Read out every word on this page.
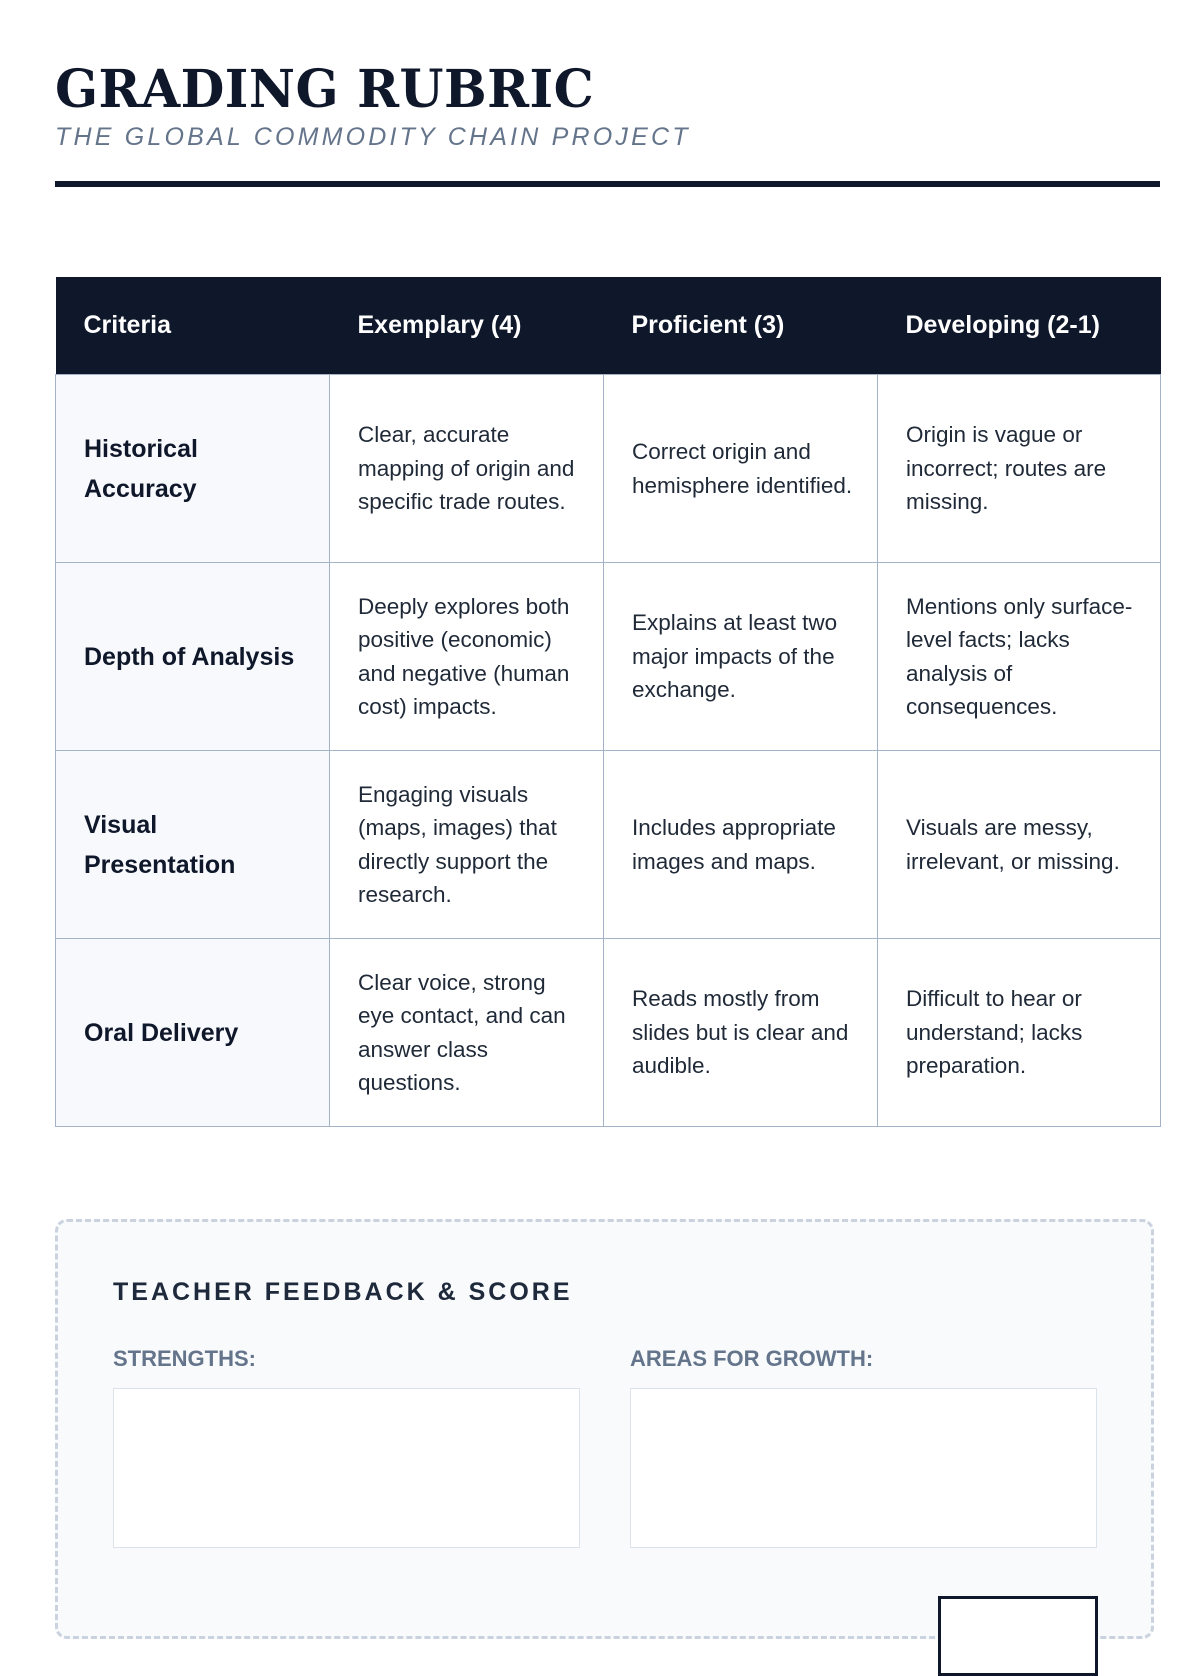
GRADING RUBRIC
THE GLOBAL COMMODITY CHAIN PROJECT
Criteria	Exemplary (4)	Proficient (3)	Developing (2-1)
Historical Accuracy	Clear, accurate mapping of origin and specific trade routes.	Correct origin and hemisphere identified.	Origin is vague or incorrect; routes are missing.
Depth of Analysis	Deeply explores both positive (economic) and negative (human cost) impacts.	Explains at least two major impacts of the exchange.	Mentions only surface-level facts; lacks analysis of consequences.
Visual Presentation	Engaging visuals (maps, images) that directly support the research.	Includes appropriate images and maps.	Visuals are messy, irrelevant, or missing.
Oral Delivery	Clear voice, strong eye contact, and can answer class questions.	Reads mostly from slides but is clear and audible.	Difficult to hear or understand; lacks preparation.
TEACHER FEEDBACK & SCORE
STRENGTHS:	AREAS FOR GROWTH:
